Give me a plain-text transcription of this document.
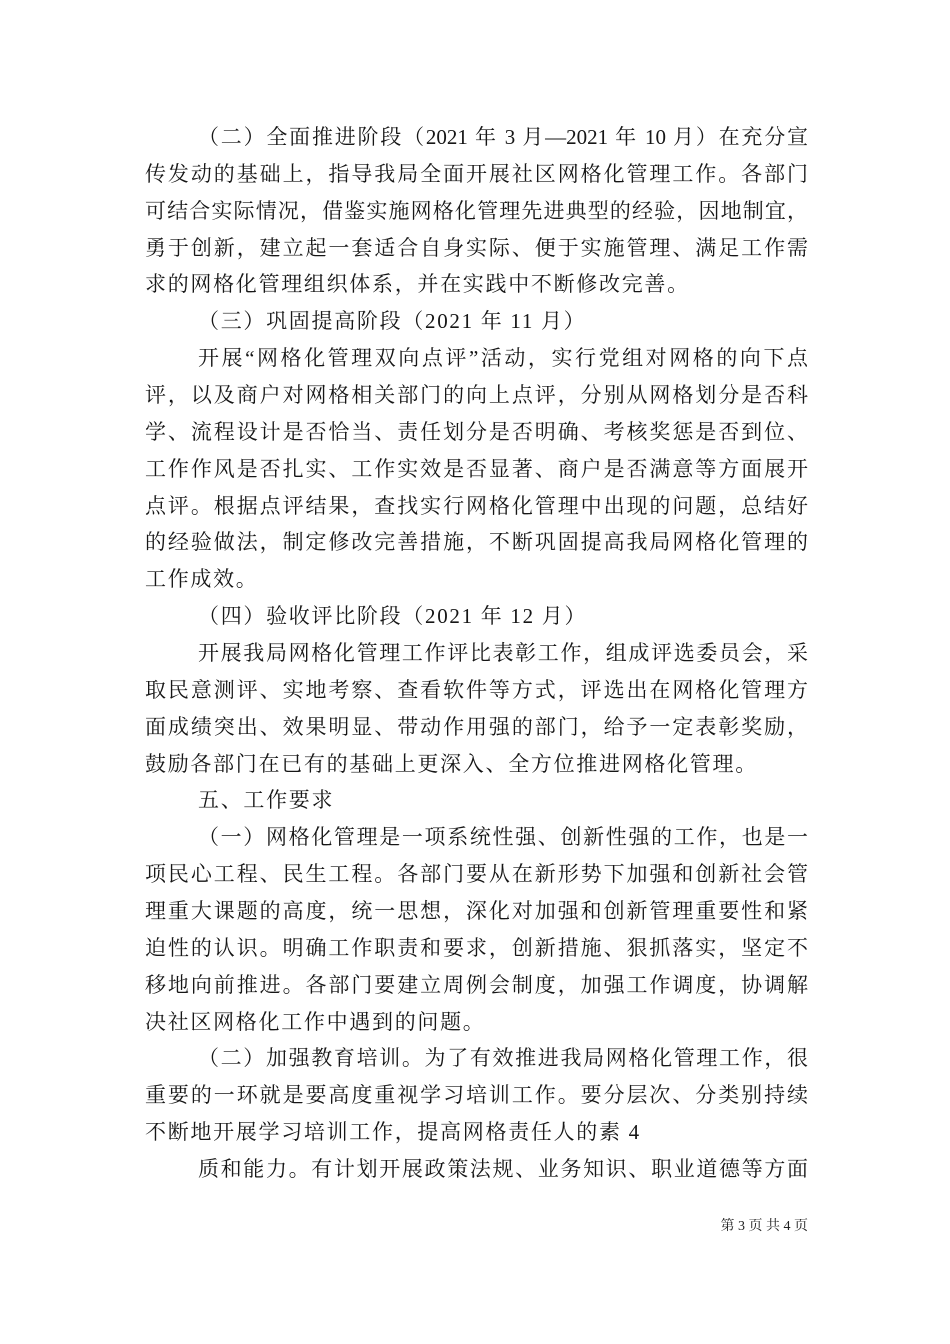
（二）全面推进阶段（2021 年 3 月—2021 年 10 月）在充分宣
传发动的基础上，指导我局全面开展社区网格化管理工作。各部门
可结合实际情况，借鉴实施网格化管理先进典型的经验，因地制宜，
勇于创新，建立起一套适合自身实际、便于实施管理、满足工作需
求的网格化管理组织体系，并在实践中不断修改完善。
（三）巩固提高阶段（2021 年 11 月）
开展“网格化管理双向点评”活动，实行党组对网格的向下点
评，以及商户对网格相关部门的向上点评，分别从网格划分是否科
学、流程设计是否恰当、责任划分是否明确、考核奖惩是否到位、
工作作风是否扎实、工作实效是否显著、商户是否满意等方面展开
点评。根据点评结果，查找实行网格化管理中出现的问题，总结好
的经验做法，制定修改完善措施，不断巩固提高我局网格化管理的
工作成效。
（四）验收评比阶段（2021 年 12 月）
开展我局网格化管理工作评比表彰工作，组成评选委员会，采
取民意测评、实地考察、查看软件等方式，评选出在网格化管理方
面成绩突出、效果明显、带动作用强的部门，给予一定表彰奖励，
鼓励各部门在已有的基础上更深入、全方位推进网格化管理。
五、工作要求
（一）网格化管理是一项系统性强、创新性强的工作，也是一
项民心工程、民生工程。各部门要从在新形势下加强和创新社会管
理重大课题的高度，统一思想，深化对加强和创新管理重要性和紧
迫性的认识。明确工作职责和要求，创新措施、狠抓落实，坚定不
移地向前推进。各部门要建立周例会制度，加强工作调度，协调解
决社区网格化工作中遇到的问题。
（二）加强教育培训。为了有效推进我局网格化管理工作，很
重要的一环就是要高度重视学习培训工作。要分层次、分类别持续
不断地开展学习培训工作，提高网格责任人的素 4
质和能力。有计划开展政策法规、业务知识、职业道德等方面
第 3 页 共 4 页
